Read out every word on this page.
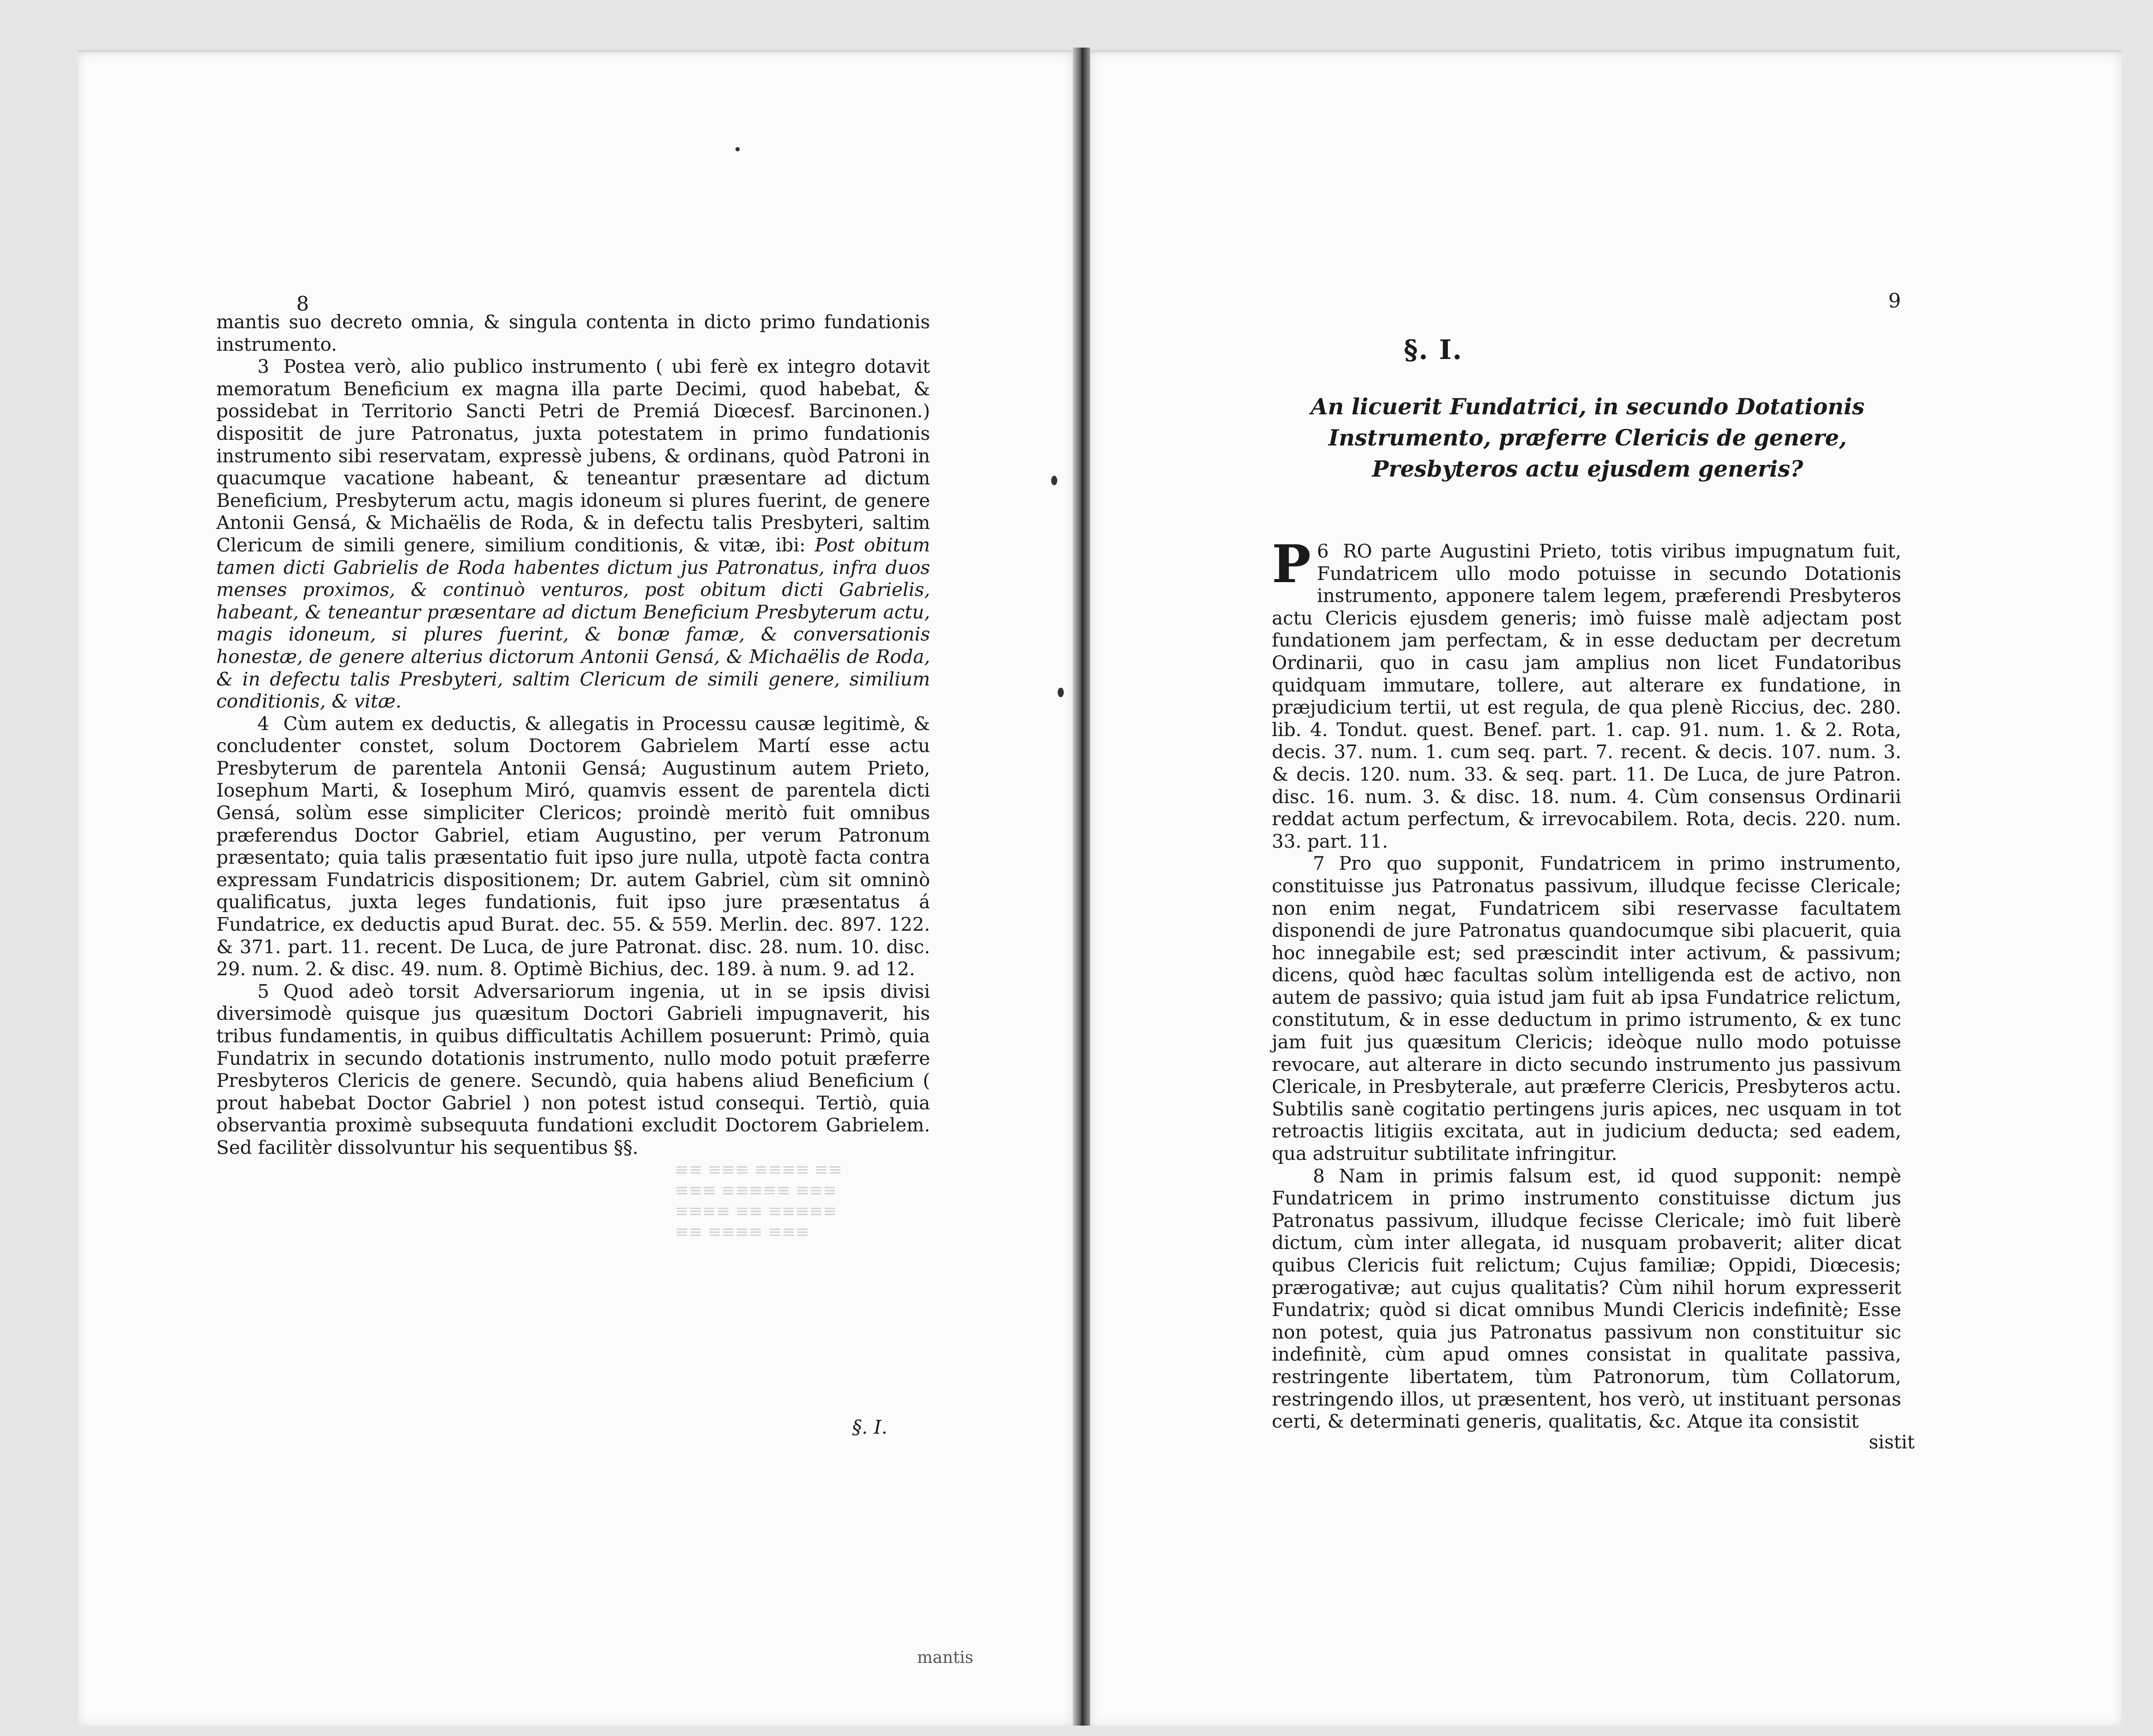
8

mantis suo decreto omnia, & singula contenta in dicto primo fundationis instrumento.

3 Postea verò, alio publico instrumento ( ubi ferè ex integro dotavit memoratum Beneficium ex magna illa parte Decimi, quod habebat, & possidebat in Territorio Sancti Petri de Premiá Diœcesf. Barcinonen.) dispositit de jure Patronatus, juxta potestatem in primo fundationis instrumento sibi reservatam, expressè jubens, & ordinans, quòd Patroni in quacumque vacatione habeant, & teneantur præsentare ad dictum Beneficium, Presbyterum actu, magis idoneum si plures fuerint, de genere Antonii Gensá, & Michaëlis de Roda, & in defectu talis Presbyteri, saltim Clericum de simili genere, similium conditionis, & vitæ, ibi: Post obitum tamen dicti Gabrielis de Roda habentes dictum jus Patronatus, infra duos menses proximos, & continuò venturos, post obitum dicti Gabrielis, habeant, & teneantur præsentare ad dictum Beneficium Presbyterum actu, magis idoneum, si plures fuerint, & bonæ famæ, & conversationis honestæ, de genere alterius dictorum Antonii Gensá, & Michaëlis de Roda, & in defectu talis Presbyteri, saltim Clericum de simili genere, similium conditionis, & vitæ.

4 Cùm autem ex deductis, & allegatis in Processu causæ legitimè, & concludenter constet, solum Doctorem Gabrielem Martí esse actu Presbyterum de parentela Antonii Gensá; Augustinum autem Prieto, Iosephum Marti, & Iosephum Miró, quamvis essent de parentela dicti Gensá, solùm esse simpliciter Clericos; proindè meritò fuit omnibus præferendus Doctor Gabriel, etiam Augustino, per verum Patronum præsentato; quia talis præsentatio fuit ipso jure nulla, utpotè facta contra expressam Fundatricis dispositionem; Dr. autem Gabriel, cùm sit omninò qualificatus, juxta leges fundationis, fuit ipso jure præsentatus á Fundatrice, ex deductis apud Burat. dec. 55. & 559. Merlin. dec. 897. 122. & 371. part. 11. recent. De Luca, de jure Patronat. disc. 28. num. 10. disc. 29. num. 2. & disc. 49. num. 8. Optimè Bichius, dec. 189. à num. 9. ad 12.

5 Quod adeò torsit Adversariorum ingenia, ut in se ipsis divisi diversimodè quisque jus quæsitum Doctori Gabrieli impugnaverit, his tribus fundamentis, in quibus difficultatis Achillem posuerunt: Primò, quia Fundatrix in secundo dotationis instrumento, nullo modo potuit præferre Presbyteros Clericis de genere. Secundò, quia habens aliud Beneficium ( prout habebat Doctor Gabriel ) non potest istud consequi. Tertiò, quia observantia proximè subsequuta fundationi excludit Doctorem Gabrielem. Sed facilitèr dissolvuntur his sequentibus §§.

≡≡ ≡≡≡ ≡≡≡≡ ≡≡
≡≡≡ ≡≡≡≡≡ ≡≡≡
≡≡≡≡ ≡≡ ≡≡≡≡≡
≡≡ ≡≡≡≡ ≡≡≡
§. I.
mantis
9
§. I.
An licuerit Fundatrici, in secundo Dotationis Instrumento, præferre Clericis de genere, Presbyteros actu ejusdem generis?

6
P RO parte Augustini Prieto, totis viribus impugnatum fuit, Fundatricem ullo modo potuisse in secundo Dotationis instrumento, apponere talem legem, præferendi Presbyteros actu Clericis ejusdem generis; imò fuisse malè adjectam post fundationem jam perfectam, & in esse deductam per decretum Ordinarii, quo in casu jam amplius non licet Fundatoribus quidquam immutare, tollere, aut alterare ex fundatione, in præjudicium tertii, ut est regula, de qua plenè Riccius, dec. 280. lib. 4. Tondut. quest. Benef. part. 1. cap. 91. num. 1. & 2. Rota, decis. 37. num. 1. cum seq. part. 7. recent. & decis. 107. num. 3. & decis. 120. num. 33. & seq. part. 11. De Luca, de jure Patron. disc. 16. num. 3. & disc. 18. num. 4. Cùm consensus Ordinarii reddat actum perfectum, & irrevocabilem. Rota, decis. 220. num. 33. part. 11.

7 Pro quo supponit, Fundatricem in primo instrumento, constituisse jus Patronatus passivum, illudque fecisse Clericale; non enim negat, Fundatricem sibi reservasse facultatem disponendi de jure Patronatus quandocumque sibi placuerit, quia hoc innegabile est; sed præscindit inter activum, & passivum; dicens, quòd hæc facultas solùm intelligenda est de activo, non autem de passivo; quia istud jam fuit ab ipsa Fundatrice relictum, constitutum, & in esse deductum in primo istrumento, & ex tunc jam fuit jus quæsitum Clericis; ideòque nullo modo potuisse revocare, aut alterare in dicto secundo instrumento jus passivum Clericale, in Presbyterale, aut præferre Clericis, Presbyteros actu. Subtilis sanè cogitatio pertingens juris apices, nec usquam in tot retroactis litigiis excitata, aut in judicium deducta; sed eadem, qua adstruitur subtilitate infringitur.

8 Nam in primis falsum est, id quod supponit: nempè Fundatricem in primo instrumento constituisse dictum jus Patronatus passivum, illudque fecisse Clericale; imò fuit liberè dictum, cùm inter allegata, id nusquam probaverit; aliter dicat quibus Clericis fuit relictum; Cujus familiæ; Oppidi, Diœcesis; prærogativæ; aut cujus qualitatis? Cùm nihil horum expresserit Fundatrix; quòd si dicat omnibus Mundi Clericis indefinitè; Esse non potest, quia jus Patronatus passivum non constituitur sic indefinitè, cùm apud omnes consistat in qualitate passiva, restringente libertatem, tùm Patronorum, tùm Collatorum, restringendo illos, ut præsentent, hos verò, ut instituant personas certi, & determinati generis, qualitatis, &c. Atque ita consistit

sistit
